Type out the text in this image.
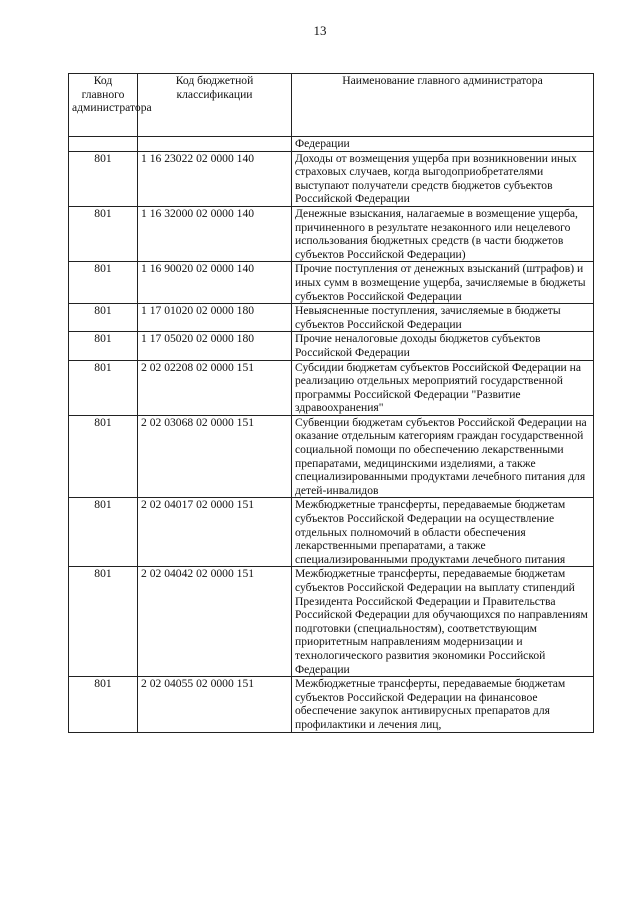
13
Код главного администратора	Код бюджетной классификации	Наименование главного администратора
		Федерации
801	1 16 23022 02 0000 140	Доходы от возмещения ущерба при возникновении иных страховых случаев, когда выгодоприобретателями выступают получатели средств бюджетов субъектов Российской Федерации
801	1 16 32000 02 0000 140	Денежные взыскания, налагаемые в возмещение ущерба, причиненного в результате незаконного или нецелевого использования бюджетных средств (в части бюджетов субъектов Российской Федерации)
801	1 16 90020 02 0000 140	Прочие поступления от денежных взысканий (штрафов) и иных сумм в возмещение ущерба, зачисляемые в бюджеты субъектов Российской Федерации
801	1 17 01020 02 0000 180	Невыясненные поступления, зачисляемые в бюджеты субъектов Российской Федерации
801	1 17 05020 02 0000 180	Прочие неналоговые доходы бюджетов субъектов Российской Федерации
801	2 02 02208 02 0000 151	Субсидии бюджетам субъектов Российской Федерации на реализацию отдельных мероприятий государственной программы Российской Федерации "Развитие здравоохранения"
801	2 02 03068 02 0000 151	Субвенции бюджетам субъектов Российской Федерации на оказание отдельным категориям граждан государственной социальной помощи по обеспечению лекарственными препаратами, медицинскими изделиями, а также специализированными продуктами лечебного питания для детей-инвалидов
801	2 02 04017 02 0000 151	Межбюджетные трансферты, передаваемые бюджетам субъектов Российской Федерации на осуществление отдельных полномочий в области обеспечения лекарственными препаратами, а также специализированными продуктами лечебного питания
801	2 02 04042 02 0000 151	Межбюджетные трансферты, передаваемые бюджетам субъектов Российской Федерации на выплату стипендий Президента Российской Федерации и Правительства Российской Федерации для обучающихся по направлениям подготовки (специальностям), соответствующим приоритетным направлениям модернизации и технологического развития экономики Российской Федерации
801	2 02 04055 02 0000 151	Межбюджетные трансферты, передаваемые бюджетам субъектов Российской Федерации на финансовое обеспечение закупок антивирусных препаратов для профилактики и лечения лиц,
